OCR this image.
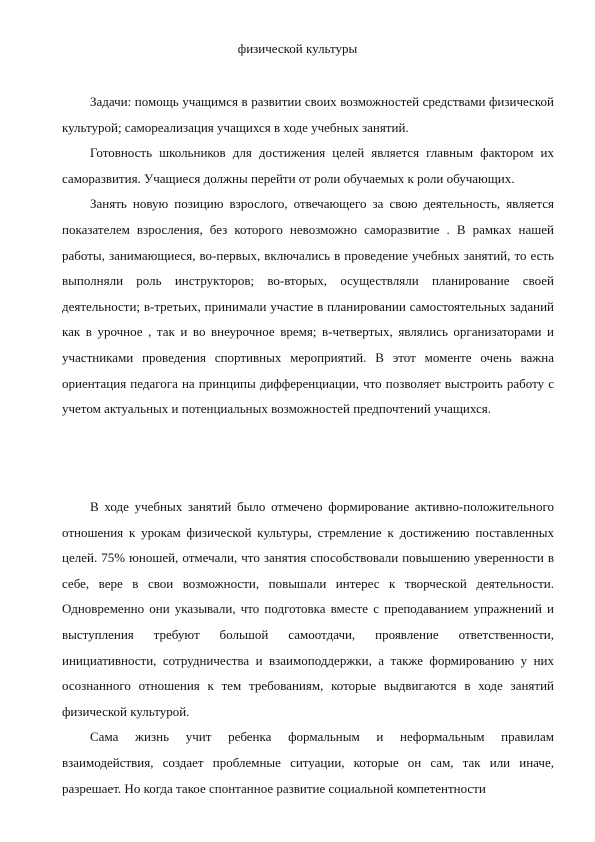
физической культуры

Задачи: помощь учащимся в развитии своих возможностей средствами физической культурой; самореализация учащихся в ходе учебных занятий.

Готовность школьников для достижения целей является главным фактором их саморазвития. Учащиеся должны перейти от роли обучаемых к роли обучающих.

Занять новую позицию взрослого, отвечающего за свою деятельность, является показателем взросления, без которого невозможно саморазвитие . В рамках нашей работы, занимающиеся, во-первых, включались в проведение учебных занятий, то есть выполняли роль инструкторов; во-вторых, осуществляли планирование своей деятельности; в-третьих, принимали участие в планировании самостоятельных заданий как в урочное , так и во внеурочное время; в-четвертых, являлись организаторами и участниками проведения спортивных мероприятий. В этот моменте очень важна ориентация педагога на принципы дифференциации, что позволяет выстроить работу с учетом актуальных и потенциальных возможностей предпочтений учащихся.

В ходе учебных занятий было отмечено формирование активно-положительного отношения к урокам физической культуры, стремление к достижению поставленных целей. 75% юношей, отмечали, что занятия способствовали повышению уверенности в себе, вере в свои возможности, повышали интерес к творческой деятельности. Одновременно они указывали, что подготовка вместе с преподаванием упражнений и выступления требуют большой самоотдачи, проявление ответственности, инициативности, сотрудничества и взаимоподдержки, а также формированию у них осознанного отношения к тем требованиям, которые выдвигаются в ходе занятий физической культурой.

Сама жизнь учит ребенка формальным и неформальным правилам взаимодействия, создает проблемные ситуации, которые он сам, так или иначе, разрешает. Но когда такое спонтанное развитие социальной компетентности
